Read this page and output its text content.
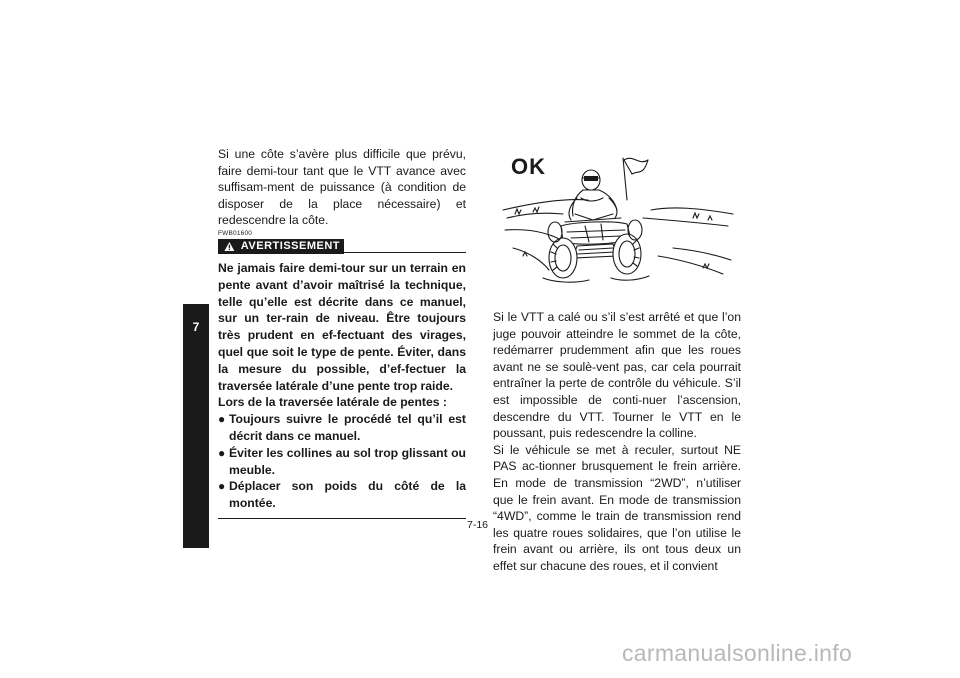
7

Si une côte s’avère plus difficile que prévu, faire demi-tour tant que le VTT avance avec suffisam-ment de puissance (à condition de disposer de la place nécessaire) et redescendre la côte.

FWB01600
AVERTISSEMENT

Ne jamais faire demi-tour sur un terrain en pente avant d’avoir maîtrisé la technique, telle qu’elle est décrite dans ce manuel, sur un ter-rain de niveau. Être toujours très prudent en ef-fectuant des virages, quel que soit le type de pente. Éviter, dans la mesure du possible, d’ef-fectuer la traversée latérale d’une pente trop raide.

Lors de la traversée latérale de pentes :
● Toujours suivre le procédé tel qu’il est décrit dans ce manuel.
● Éviter les collines au sol trop glissant ou meuble.
● Déplacer son poids du côté de la montée.
OK

Si le VTT a calé ou s’il s’est arrêté et que l’on juge pouvoir atteindre le sommet de la côte, redémarrer prudemment afin que les roues avant ne se soulè-vent pas, car cela pourrait entraîner la perte de contrôle du véhicule. S’il est impossible de conti-nuer l’ascension, descendre du VTT. Tourner le VTT en le poussant, puis redescendre la colline.

Si le véhicule se met à reculer, surtout NE PAS ac-tionner brusquement le frein arrière. En mode de transmission “2WD”, n’utiliser que le frein avant. En mode de transmission “4WD”, comme le train de transmission rend les quatre roues solidaires, que l’on utilise le frein avant ou arrière, ils ont tous deux un effet sur chacune des roues, et il convient

7-16
carmanualsonline.info
